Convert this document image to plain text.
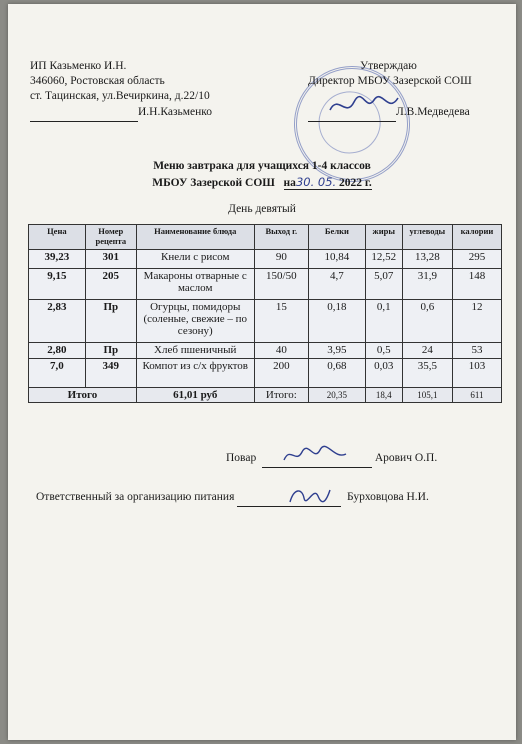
ИП Казьменко И.Н.
346060, Ростовская область
ст. Тацинская, ул.Вечиркина, д.22/10
И.Н.Казьменко
Утверждаю
Директор МБОУ Зазерской СОШ
Л.В.Медведева
Меню завтрака для учащихся 1-4 классов
МБОУ Зазерской СОШ на30. 05. 2022 г.
День девятый
Цена	Номер рецепта	Наименование блюда	Выход г.	Белки	жиры	углеводы	калории
39,23	301	Кнели с рисом	90	10,84	12,52	13,28	295
9,15	205	Макароны отварные с маслом	150/50	4,7	5,07	31,9	148
2,83	Пр	Огурцы, помидоры (соленые, свежие – по сезону)	15	0,18	0,1	0,6	12
2,80	Пр	Хлеб пшеничный	40	3,95	0,5	24	53
7,0	349	Компот из с/х фруктов	200	0,68	0,03	35,5	103
Итого		61,01 руб	Итого:	20,35	18,4	105,1	611
Повар	Арович О.П.
Ответственный за организацию питания	Бурховцова Н.И.
